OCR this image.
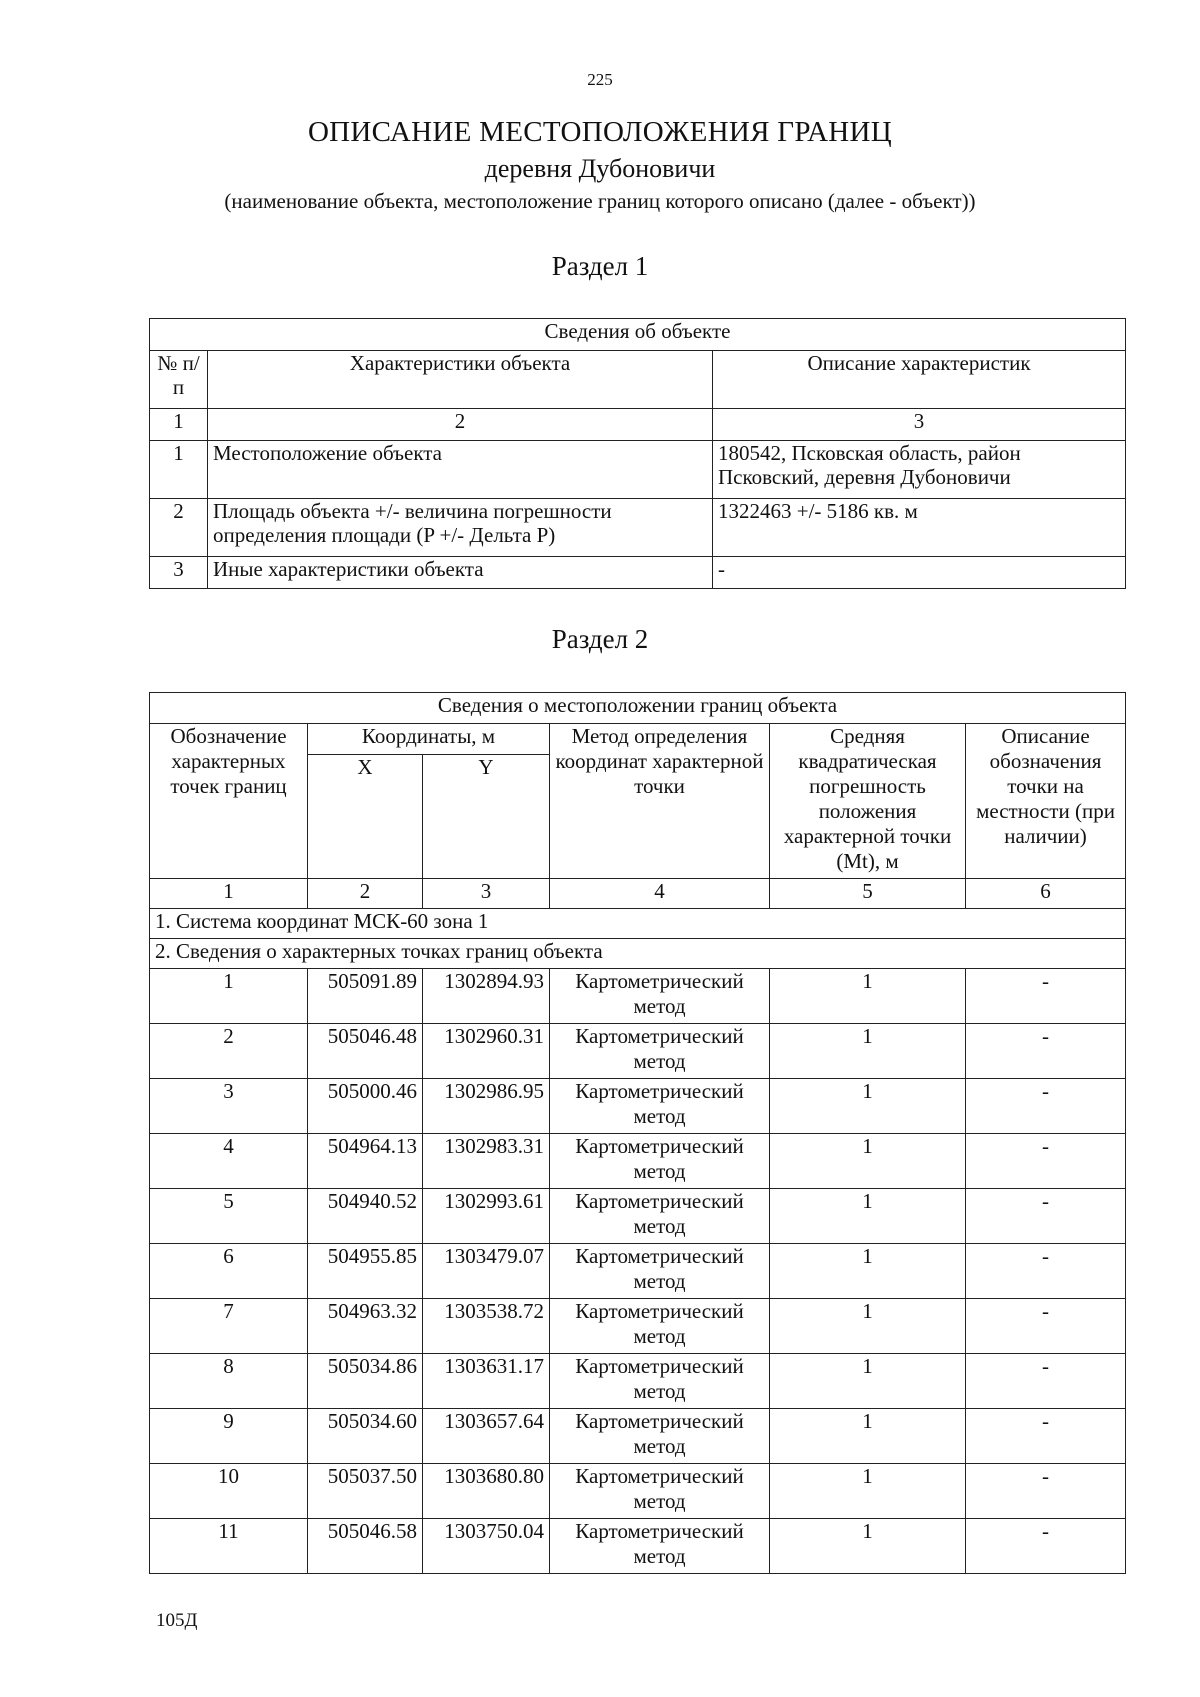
225
ОПИСАНИЕ МЕСТОПОЛОЖЕНИЯ ГРАНИЦ
деревня Дубоновичи
(наименование объекта, местоположение границ которого описано (далее - объект))
Раздел 1
Сведения об объекте		
№ п/п	Характеристики объекта	Описание характеристик
1	2	3
1	Местоположение объекта	180542, Псковская область, район Псковский, деревня Дубоновичи
2	Площадь объекта +/- величина погрешности определения площади (P +/- Дельта P)	1322463 +/- 5186 кв. м
3	Иные характеристики объекта	-
Раздел 2
Сведения о местоположении границ объекта					
Обозначение характерных точек границ	Координаты, м		Метод определения координат характерной точки	Средняя квадратическая погрешность положения характерной точки (Mt), м	Описание обозначения точки на местности (при наличии)
	X	Y			
1	2	3	4	5	6
1. Система координат МСК-60 зона 1					
2. Сведения о характерных точках границ объекта					
1	505091.89	1302894.93	Картометрический метод	1	-
2	505046.48	1302960.31	Картометрический метод	1	-
3	505000.46	1302986.95	Картометрический метод	1	-
4	504964.13	1302983.31	Картометрический метод	1	-
5	504940.52	1302993.61	Картометрический метод	1	-
6	504955.85	1303479.07	Картометрический метод	1	-
7	504963.32	1303538.72	Картометрический метод	1	-
8	505034.86	1303631.17	Картометрический метод	1	-
9	505034.60	1303657.64	Картометрический метод	1	-
10	505037.50	1303680.80	Картометрический метод	1	-
11	505046.58	1303750.04	Картометрический метод	1	-
105Д
